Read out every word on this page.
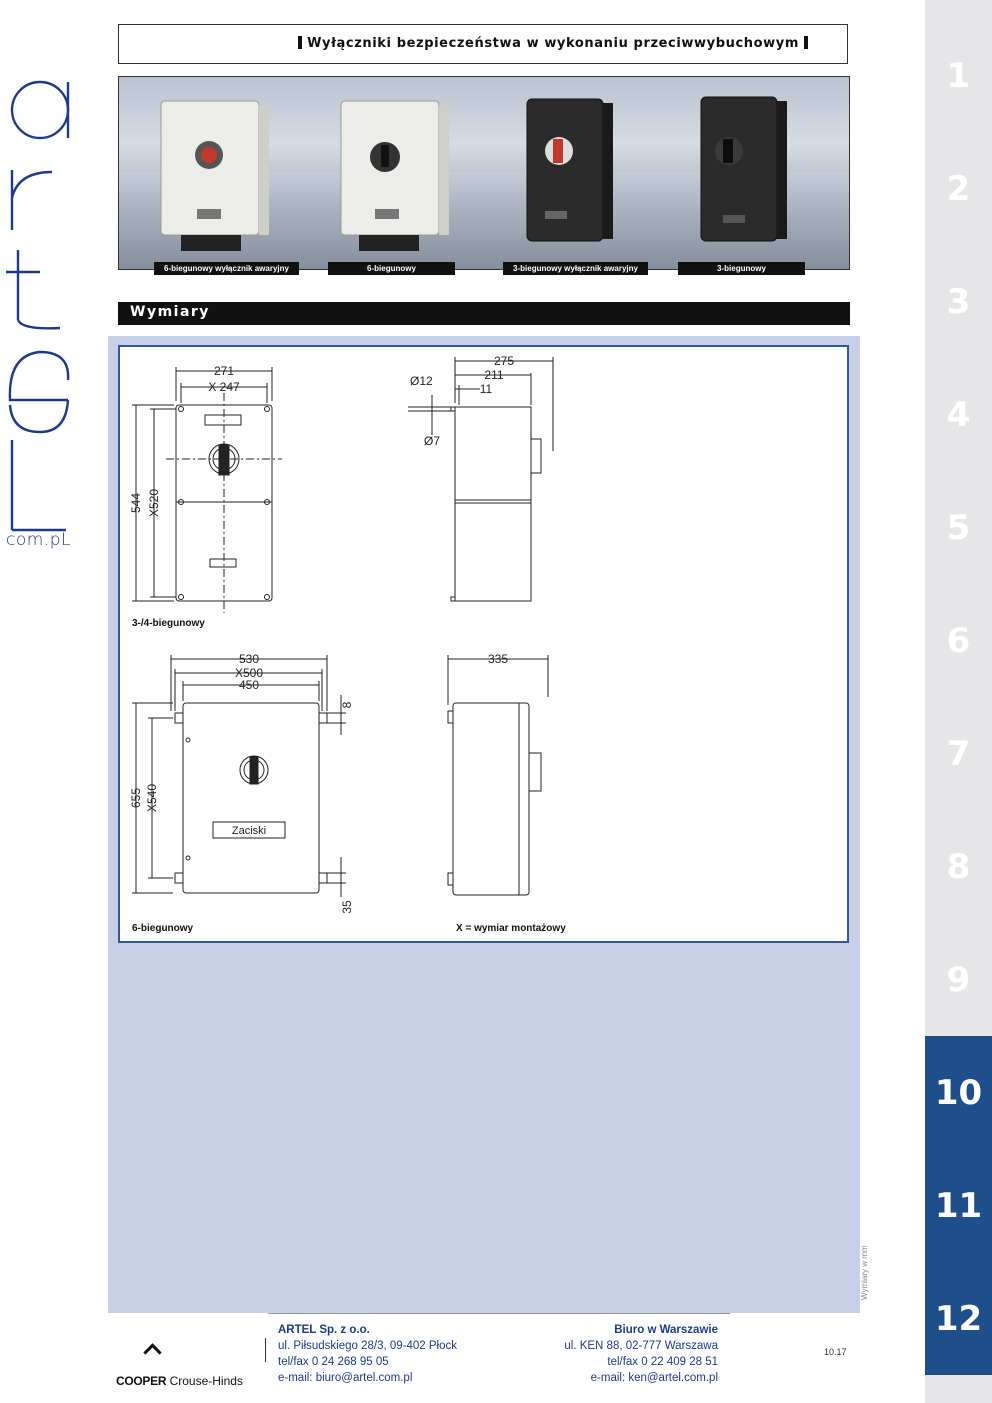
com.pL
Wyłączniki bezpieczeństwa w wykonaniu przeciwwybuchowym
6-biegunowy wyłącznik awaryjny	6-biegunowy	3-biegunowy wyłącznik awaryjny	3-biegunowy
Wymiary
271
X 247
544 X520
275
211
11
Ø12
Ø7
530
X500
450
655 X540
8
35
Zaciski
335
3-/4-biegunowy
6-biegunowy	X = wymiar montażowy
1
2
3
4
5
6
7
8
9
10
11
12
Wymiary w mm

COOPER Crouse-Hinds
ARTEL Sp. z o.o.
ul. Piłsudskiego 28/3, 09-402 Płock
tel/fax 0 24 268 95 05
e-mail: biuro@artel.com.pl
Biuro w Warszawie
ul. KEN 88, 02-777 Warszawa
tel/fax 0 22 409 28 51
e-mail: ken@artel.com.pl
10.17
